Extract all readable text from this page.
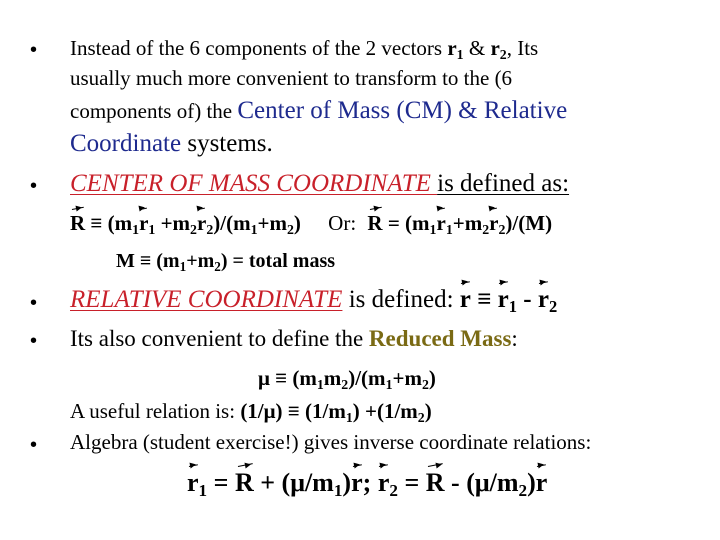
• Instead of the 6 components of the 2 vectors $r_1$ & $r_2$, Its
usually much more convenient to transform to the (6
components of) the Center of Mass (CM) & Relative
Coordinate systems.
• CENTER OF MASS COORDINATE is defined as:
$R \equiv (m_1r_1 +m_2r_2)/(m_1+m_2)$ Or: $R = (m_1r_1+m_2r_2)/(M)$
$M \equiv (m_1+m_2)$ = total mass
• RELATIVE COORDINATE is defined: $r \equiv r_1 - r_2$
• Its also convenient to define the Reduced Mass:
$\mu \equiv (m_1m_2)/(m_1+m_2)$
A useful relation is: $(1/\mu) \equiv (1/m_1) +(1/m_2)$
• Algebra (student exercise!) gives inverse coordinate relations:
$r_1 = R + (\mu/m_1)r$; $r_2 = R - (\mu/m_2)r$
